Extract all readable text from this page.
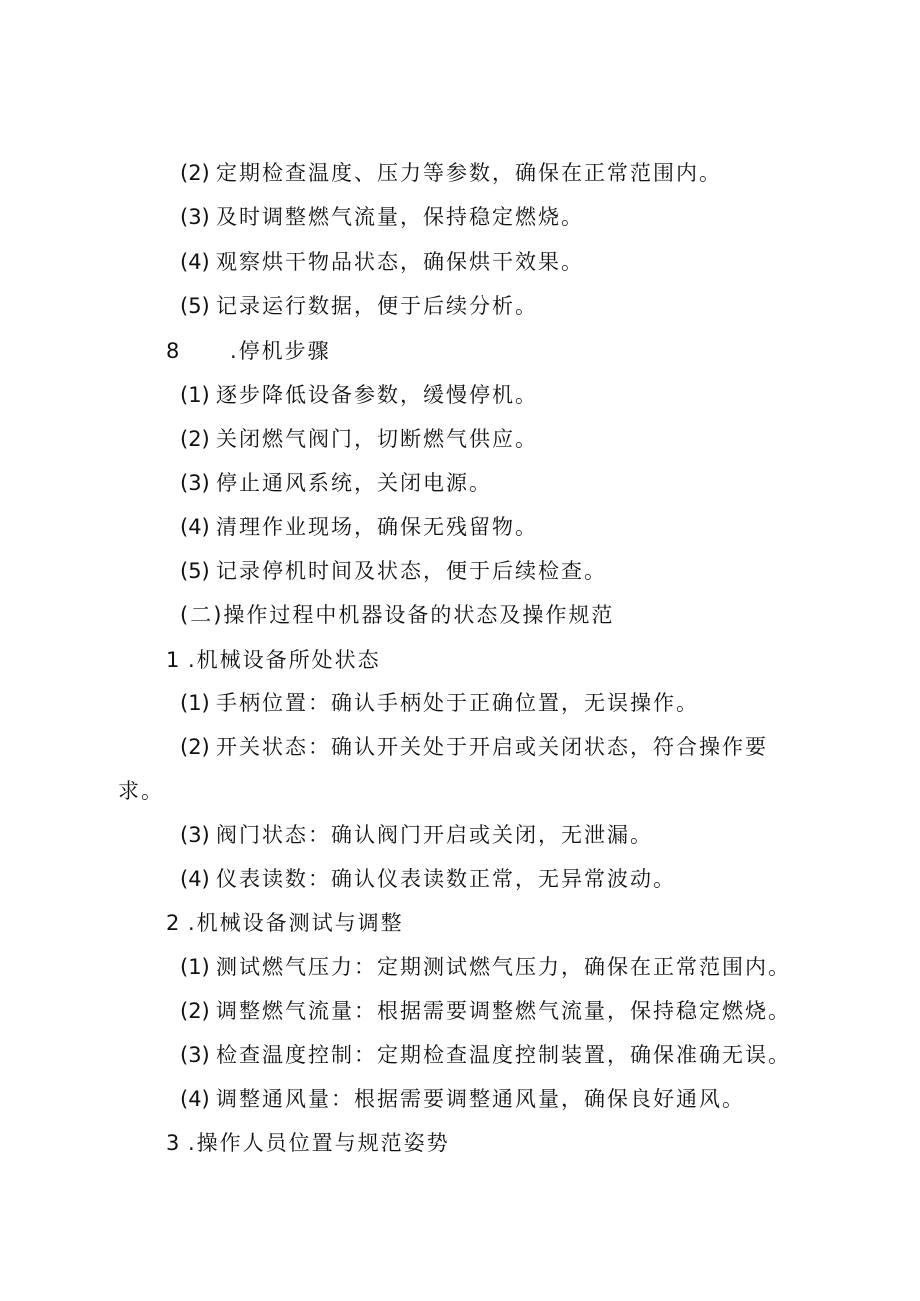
(2) 定期检查温度、压力等参数，确保在正常范围内。
(3) 及时调整燃气流量，保持稳定燃烧。
(4) 观察烘干物品状态，确保烘干效果。
(5) 记录运行数据，便于后续分析。
8 .停机步骤
(1) 逐步降低设备参数，缓慢停机。
(2) 关闭燃气阀门，切断燃气供应。
(3) 停止通风系统，关闭电源。
(4) 清理作业现场，确保无残留物。
(5) 记录停机时间及状态，便于后续检查。
(二)操作过程中机器设备的状态及操作规范
1 .机械设备所处状态
(1) 手柄位置：确认手柄处于正确位置，无误操作。
(2) 开关状态：确认开关处于开启或关闭状态，符合操作要
求。
(3) 阀门状态：确认阀门开启或关闭，无泄漏。
(4) 仪表读数：确认仪表读数正常，无异常波动。
2 .机械设备测试与调整
(1) 测试燃气压力：定期测试燃气压力，确保在正常范围内。
(2) 调整燃气流量：根据需要调整燃气流量，保持稳定燃烧。
(3) 检查温度控制：定期检查温度控制装置，确保准确无误。
(4) 调整通风量：根据需要调整通风量，确保良好通风。
3 .操作人员位置与规范姿势
